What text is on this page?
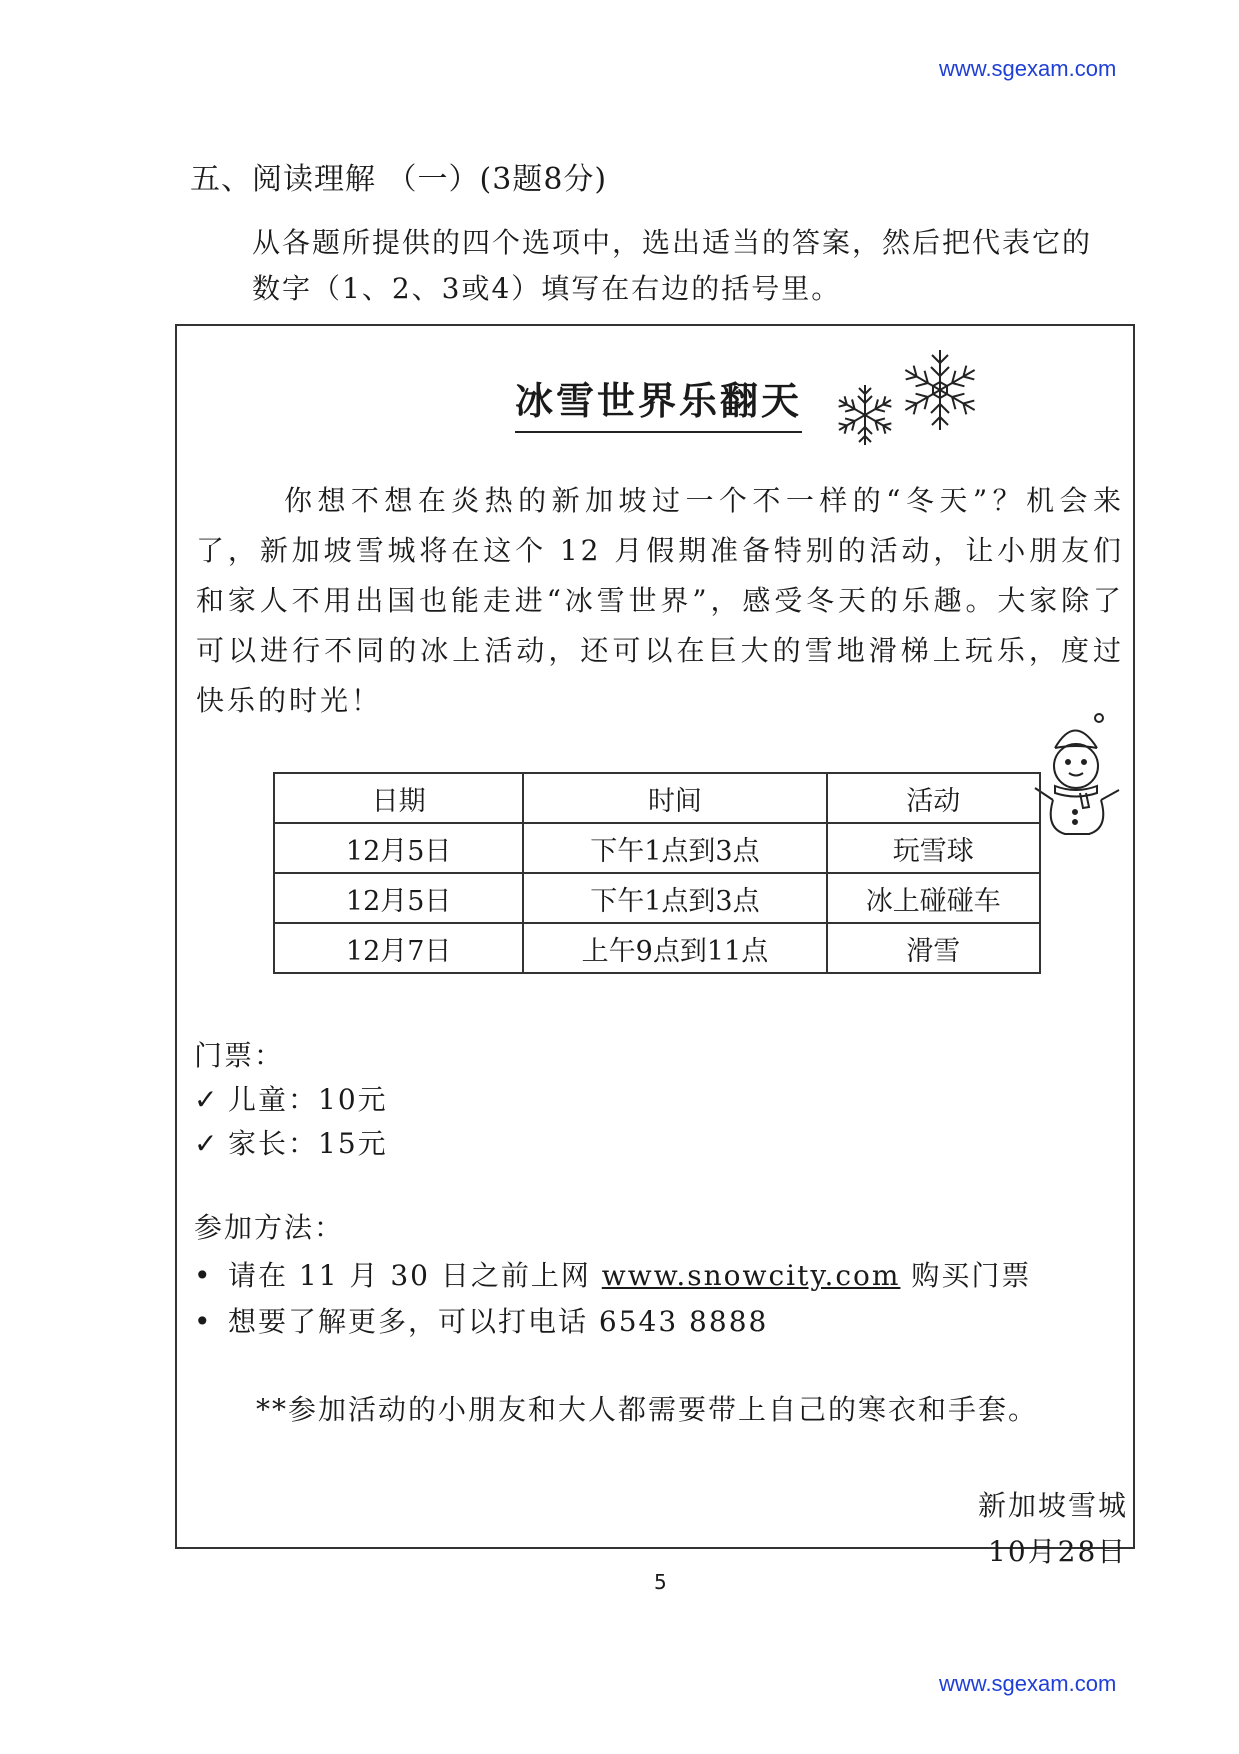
www.sgexam.com
五、阅读理解 （一）(3题8分)
从各题所提供的四个选项中，选出适当的答案，然后把代表它的
数字（1、2、3或4）填写在右边的括号里。
冰雪世界乐翻天
你想不想在炎热的新加坡过一个不一样的“冬天”？机会来了，新加坡雪城将在这个 12 月假期准备特别的活动，让小朋友们和家人不用出国也能走进“冰雪世界”，感受冬天的乐趣。大家除了可以进行不同的冰上活动，还可以在巨大的雪地滑梯上玩乐，度过快乐的时光！
日期	时间	活动
12月5日	下午1点到3点	玩雪球
12月5日	下午1点到3点	冰上碰碰车
12月7日	上午9点到11点	滑雪
门票：
✓ 儿童：10元
✓ 家长：15元
参加方法：
• 请在 11 月 30 日之前上网 www.snowcity.com 购买门票
• 想要了解更多，可以打电话 6543 8888
**参加活动的小朋友和大人都需要带上自己的寒衣和手套。
新加坡雪城
10月28日
5
www.sgexam.com
